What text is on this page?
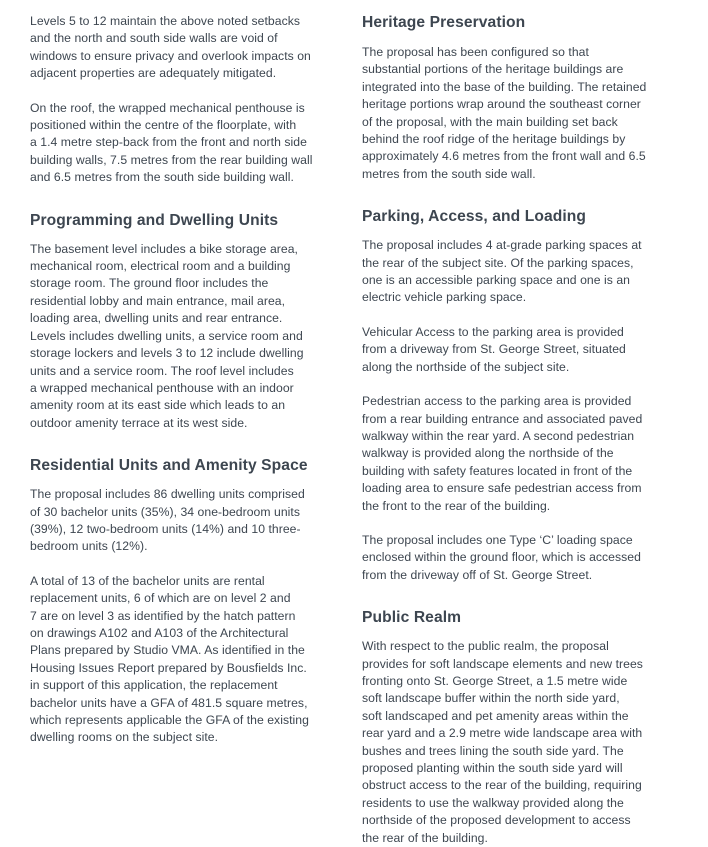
Levels 5 to 12 maintain the above noted setbacks
and the north and south side walls are void of
windows to ensure privacy and overlook impacts on
adjacent properties are adequately mitigated.

On the roof, the wrapped mechanical penthouse is
positioned within the centre of the floorplate, with
a 1.4 metre step-back from the front and north side
building walls, 7.5 metres from the rear building wall
and 6.5 metres from the south side building wall.

Programming and Dwelling Units

The basement level includes a bike storage area,
mechanical room, electrical room and a building
storage room. The ground floor includes the
residential lobby and main entrance, mail area,
loading area, dwelling units and rear entrance.
Levels includes dwelling units, a service room and
storage lockers and levels 3 to 12 include dwelling
units and a service room. The roof level includes
a wrapped mechanical penthouse with an indoor
amenity room at its east side which leads to an
outdoor amenity terrace at its west side.

Residential Units and Amenity Space

The proposal includes 86 dwelling units comprised
of 30 bachelor units (35%), 34 one-bedroom units
(39%), 12 two-bedroom units (14%) and 10 three-
bedroom units (12%).

A total of 13 of the bachelor units are rental
replacement units, 6 of which are on level 2 and
7 are on level 3 as identified by the hatch pattern
on drawings A102 and A103 of the Architectural
Plans prepared by Studio VMA. As identified in the
Housing Issues Report prepared by Bousfields Inc.
in support of this application, the replacement
bachelor units have a GFA of 481.5 square metres,
which represents applicable the GFA of the existing
dwelling rooms on the subject site.

Heritage Preservation

The proposal has been configured so that
substantial portions of the heritage buildings are
integrated into the base of the building. The retained
heritage portions wrap around the southeast corner
of the proposal, with the main building set back
behind the roof ridge of the heritage buildings by
approximately 4.6 metres from the front wall and 6.5
metres from the south side wall.

Parking, Access, and Loading

The proposal includes 4 at-grade parking spaces at
the rear of the subject site. Of the parking spaces,
one is an accessible parking space and one is an
electric vehicle parking space.

Vehicular Access to the parking area is provided
from a driveway from St. George Street, situated
along the northside of the subject site.

Pedestrian access to the parking area is provided
from a rear building entrance and associated paved
walkway within the rear yard. A second pedestrian
walkway is provided along the northside of the
building with safety features located in front of the
loading area to ensure safe pedestrian access from
the front to the rear of the building.

The proposal includes one Type ‘C’ loading space
enclosed within the ground floor, which is accessed
from the driveway off of St. George Street.

Public Realm

With respect to the public realm, the proposal
provides for soft landscape elements and new trees
fronting onto St. George Street, a 1.5 metre wide
soft landscape buffer within the north side yard,
soft landscaped and pet amenity areas within the
rear yard and a 2.9 metre wide landscape area with
bushes and trees lining the south side yard. The
proposed planting within the south side yard will
obstruct access to the rear of the building, requiring
residents to use the walkway provided along the
northside of the proposed development to access
the rear of the building.
